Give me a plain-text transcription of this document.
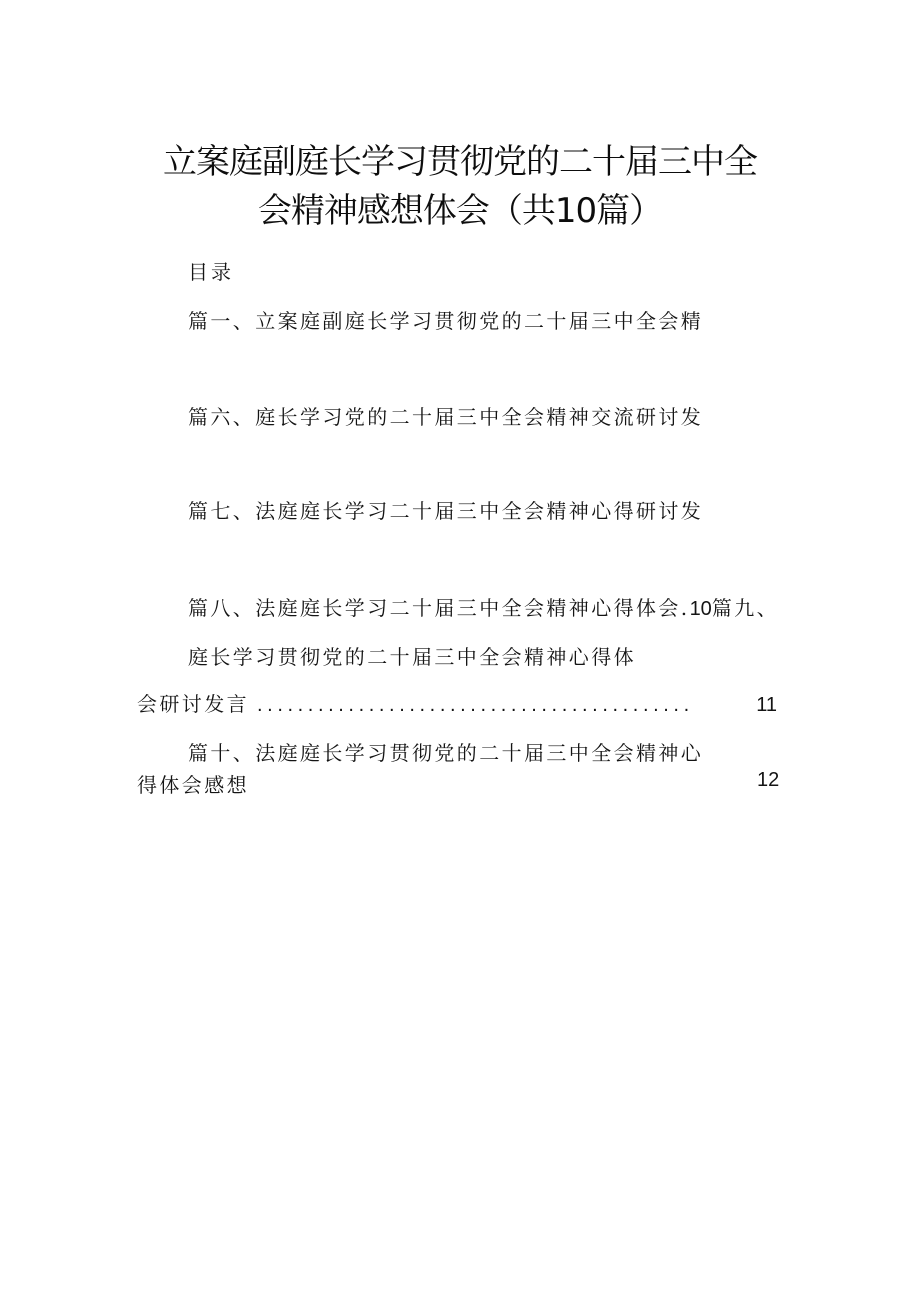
立案庭副庭长学习贯彻党的二十届三中全
会精神感想体会（共10篇）
目录
篇一、立案庭副庭长学习贯彻党的二十届三中全会精
篇六、庭长学习党的二十届三中全会精神交流研讨发
篇七、法庭庭长学习二十届三中全会精神心得研讨发
篇八、法庭庭长学习二十届三中全会精神心得体会.10篇九、
庭长学习贯彻党的二十届三中全会精神心得体
会研讨发言 ...........................................	11
篇十、法庭庭长学习贯彻党的二十届三中全会精神心
得体会感想	12
